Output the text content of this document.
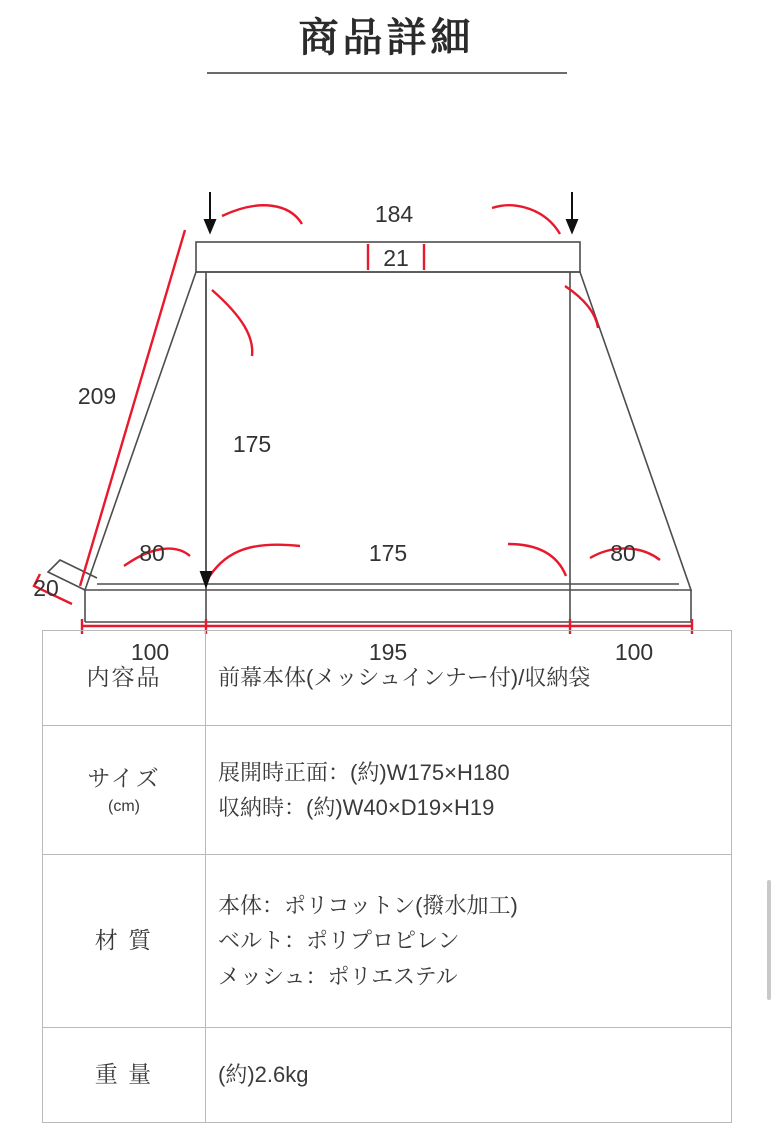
商品詳細
184
21
209
175
20
80	80
175
100	195	100
内容品	前幕本体(メッシュインナー付)/収納袋

サイズ
(cm)

展開時正面：(約)W175×H180
収納時：(約)W40×D19×H19

材 質	本体：ポリコットン(撥水加工)
ベルト：ポリプロピレン
メッシュ：ポリエステル

重 量	(約)2.6kg
